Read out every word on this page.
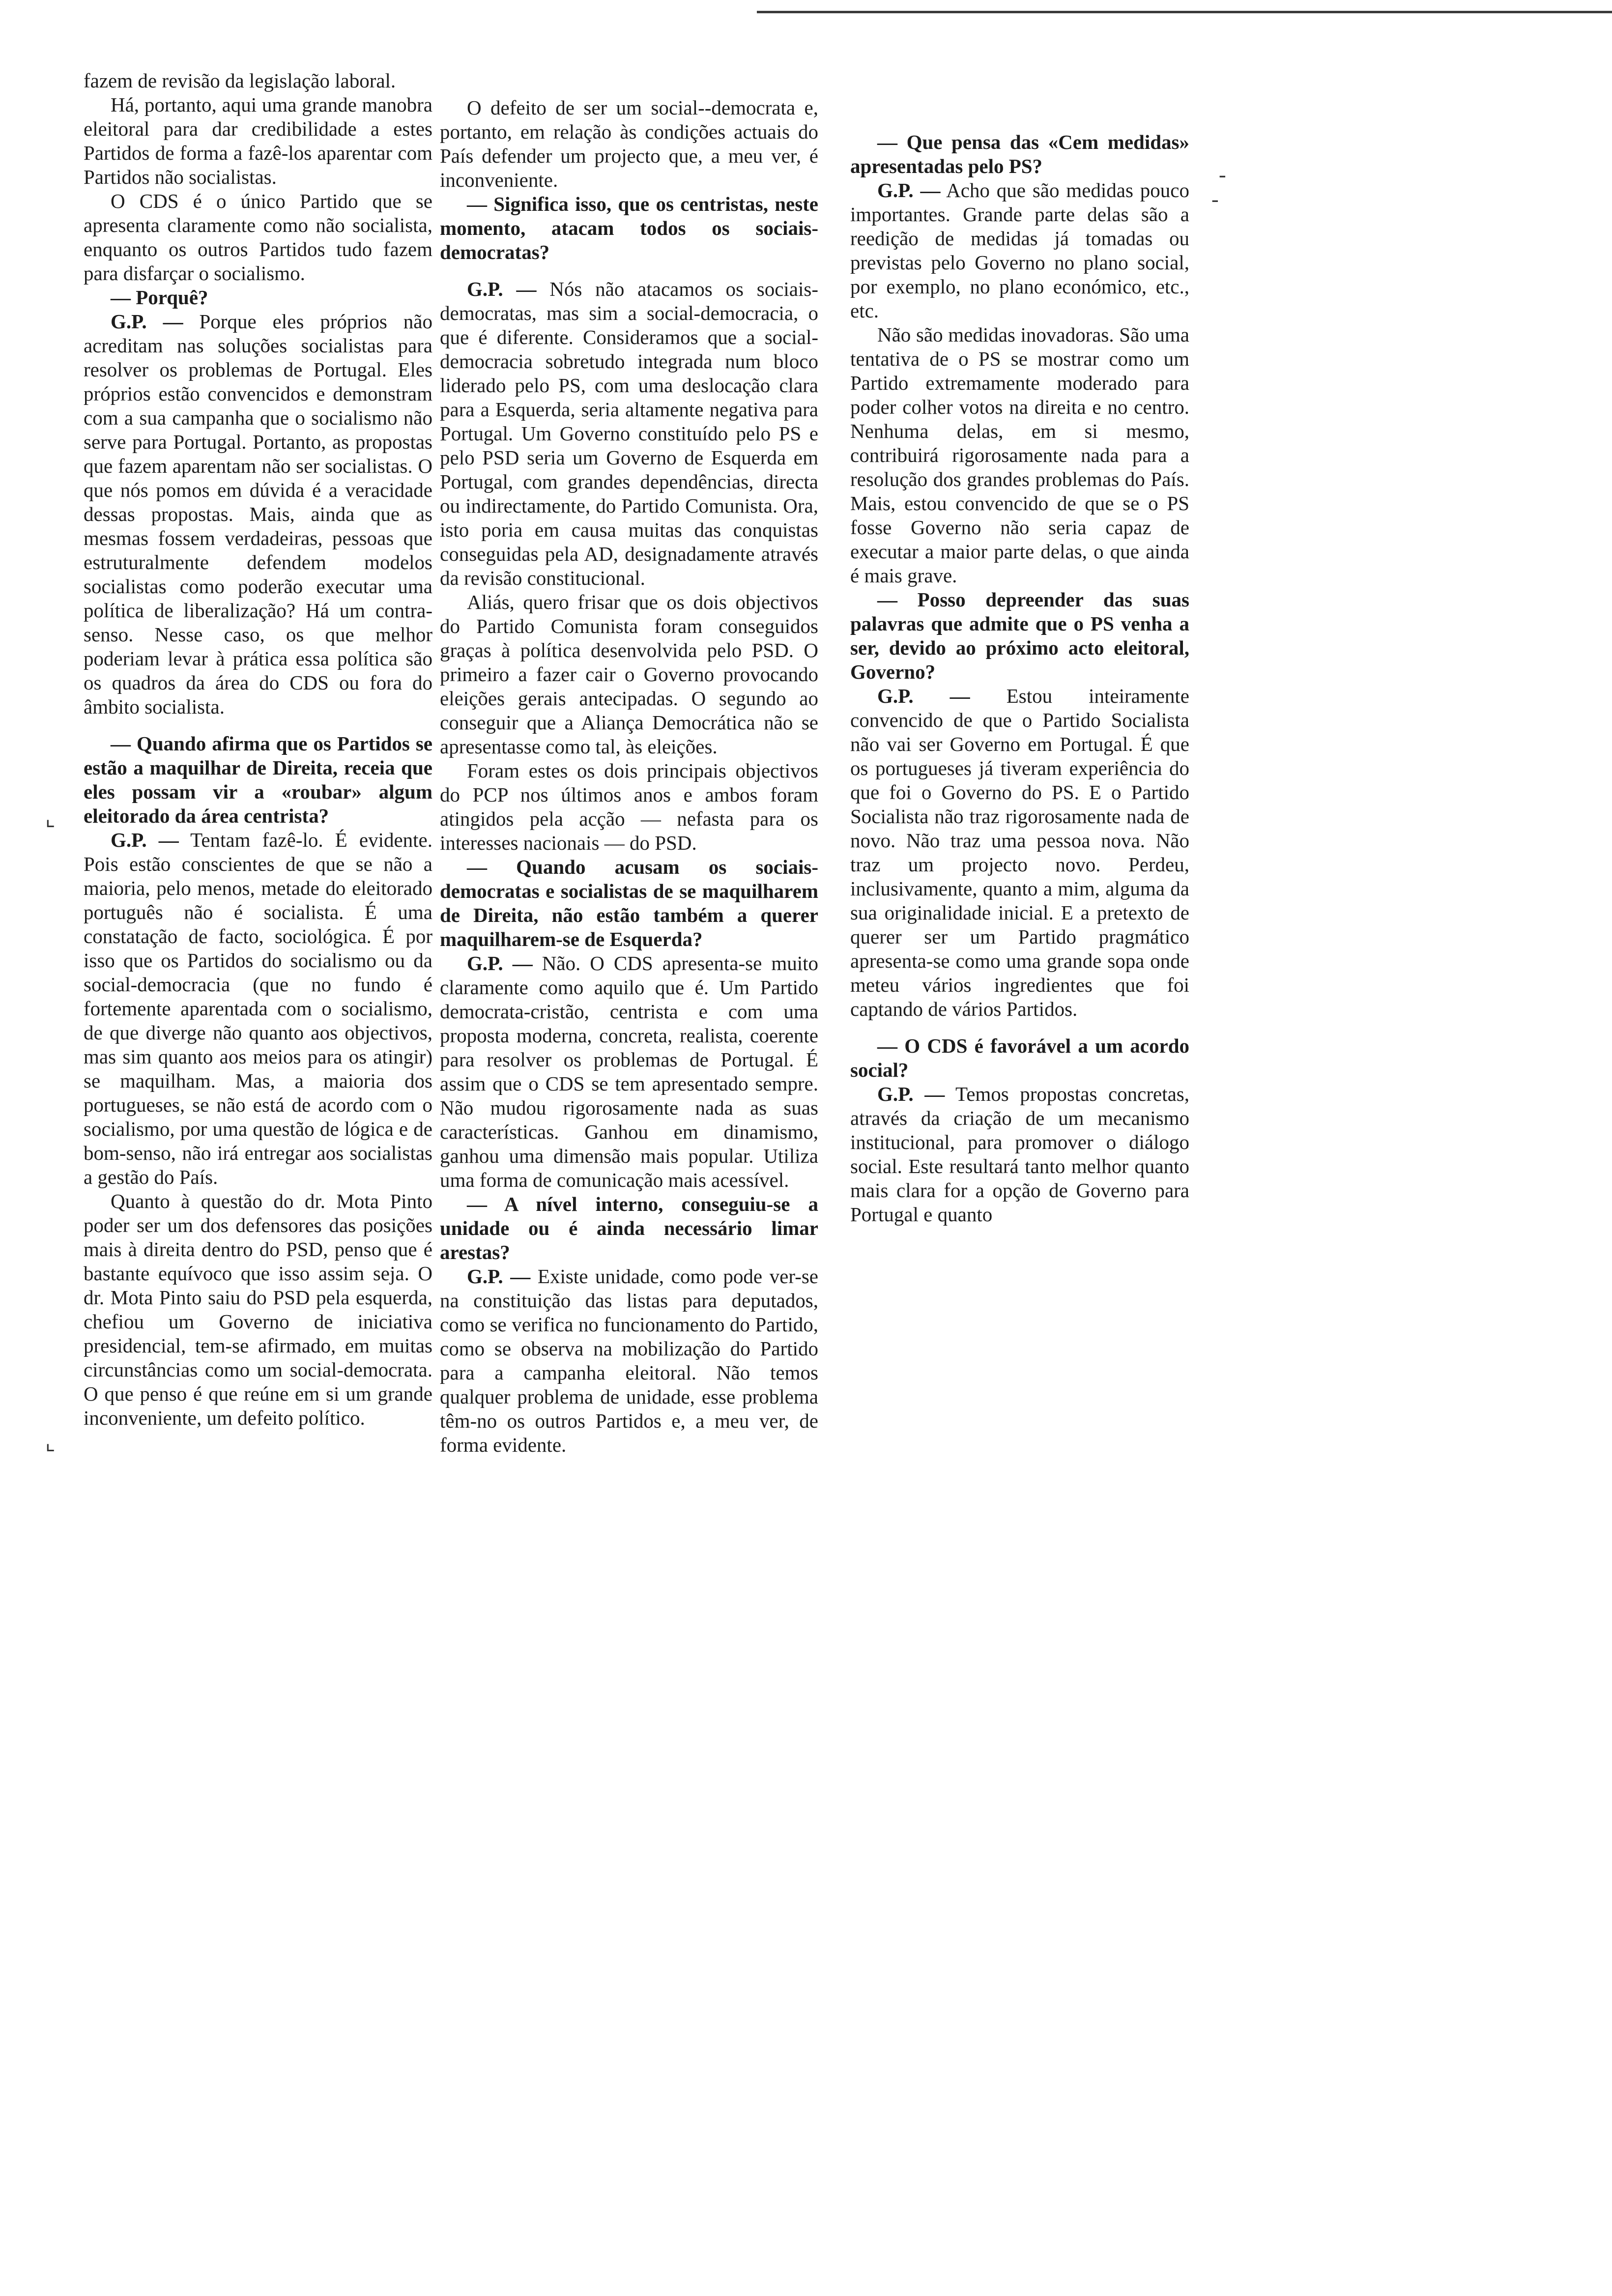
fazem de revisão da legislação laboral.

Há, portanto, aqui uma grande manobra eleitoral para dar credibilidade a estes Partidos de forma a fazê-los aparentar com Partidos não socialistas.

O CDS é o único Partido que se apresenta claramente como não socialista, enquanto os outros Partidos tudo fazem para disfarçar o socialismo.

— Porquê?

G.P. — Porque eles próprios não acreditam nas soluções socialistas para resolver os problemas de Portugal. Eles próprios estão convencidos e demonstram com a sua campanha que o socialismo não serve para Portugal. Portanto, as propostas que fazem aparentam não ser socialistas. O que nós pomos em dúvida é a veracidade dessas propostas. Mais, ainda que as mesmas fossem verdadeiras, pessoas que estruturalmente defendem modelos socialistas como poderão executar uma política de liberalização? Há um contra-senso. Nesse caso, os que melhor poderiam levar à prática essa política são os quadros da área do CDS ou fora do âmbito socialista.

— Quando afirma que os Partidos se estão a maquilhar de Direita, receia que eles possam vir a «roubar» algum eleitorado da área centrista?

G.P. — Tentam fazê-lo. É evidente. Pois estão conscientes de que se não a maioria, pelo menos, metade do eleitorado português não é socialista. É uma constatação de facto, sociológica. É por isso que os Partidos do socialismo ou da social-democracia (que no fundo é fortemente aparentada com o socialismo, de que diverge não quanto aos objectivos, mas sim quanto aos meios para os atingir) se maquilham. Mas, a maioria dos portugueses, se não está de acordo com o socialismo, por uma questão de lógica e de bom-senso, não irá entregar aos socialistas a gestão do País.

Quanto à questão do dr. Mota Pinto poder ser um dos defensores das posições mais à direita dentro do PSD, penso que é bastante equívoco que isso assim seja. O dr. Mota Pinto saiu do PSD pela esquerda, chefiou um Governo de iniciativa presidencial, tem-se afirmado, em muitas circunstâncias como um social-democrata. O que penso é que reúne em si um grande inconveniente, um defeito político.

O defeito de ser um social--democrata e, portanto, em relação às condições actuais do País defender um projecto que, a meu ver, é inconveniente.

— Significa isso, que os centristas, neste momento, atacam todos os sociais-democratas?

G.P. — Nós não atacamos os sociais-democratas, mas sim a social-democracia, o que é diferente. Consideramos que a social-democracia sobretudo integrada num bloco liderado pelo PS, com uma deslocação clara para a Esquerda, seria altamente negativa para Portugal. Um Governo constituído pelo PS e pelo PSD seria um Governo de Esquerda em Portugal, com grandes dependências, directa ou indirectamente, do Partido Comunista. Ora, isto poria em causa muitas das conquistas conseguidas pela AD, designadamente através da revisão constitucional.

Aliás, quero frisar que os dois objectivos do Partido Comunista foram conseguidos graças à política desenvolvida pelo PSD. O primeiro a fazer cair o Governo provocando eleições gerais antecipadas. O segundo ao conseguir que a Aliança Democrática não se apresentasse como tal, às eleições.

Foram estes os dois principais objectivos do PCP nos últimos anos e ambos foram atingidos pela acção — nefasta para os interesses nacionais — do PSD.

— Quando acusam os sociais-democratas e socialistas de se maquilharem de Direita, não estão também a querer maquilharem-se de Esquerda?

G.P. — Não. O CDS apresenta-se muito claramente como aquilo que é. Um Partido democrata-cristão, centrista e com uma proposta moderna, concreta, realista, coerente para resolver os problemas de Portugal. É assim que o CDS se tem apresentado sempre. Não mudou rigorosamente nada as suas características. Ganhou em dinamismo, ganhou uma dimensão mais popular. Utiliza uma forma de comunicação mais acessível.

— A nível interno, conseguiu-se a unidade ou é ainda necessário limar arestas?

G.P. — Existe unidade, como pode ver-se na constituição das listas para deputados, como se verifica no funcionamento do Partido, como se observa na mobilização do Partido para a campanha eleitoral. Não temos qualquer problema de unidade, esse problema têm-no os outros Partidos e, a meu ver, de forma evidente.

— Que pensa das «Cem medidas» apresentadas pelo PS?

G.P. — Acho que são medidas pouco importantes. Grande parte delas são a reedição de medidas já tomadas ou previstas pelo Governo no plano social, por exemplo, no plano económico, etc., etc.

Não são medidas inovadoras. São uma tentativa de o PS se mostrar como um Partido extremamente moderado para poder colher votos na direita e no centro. Nenhuma delas, em si mesmo, contribuirá rigorosamente nada para a resolução dos grandes problemas do País. Mais, estou convencido de que se o PS fosse Governo não seria capaz de executar a maior parte delas, o que ainda é mais grave.

— Posso depreender das suas palavras que admite que o PS venha a ser, devido ao próximo acto eleitoral, Governo?

G.P. — Estou inteiramente convencido de que o Partido Socialista não vai ser Governo em Portugal. É que os portugueses já tiveram experiência do que foi o Governo do PS. E o Partido Socialista não traz rigorosamente nada de novo. Não traz uma pessoa nova. Não traz um projecto novo. Perdeu, inclusivamente, quanto a mim, alguma da sua originalidade inicial. E a pretexto de querer ser um Partido pragmático apresenta-se como uma grande sopa onde meteu vários ingredientes que foi captando de vários Partidos.

— O CDS é favorável a um acordo social?

G.P. — Temos propostas concretas, através da criação de um mecanismo institucional, para promover o diálogo social. Este resultará tanto melhor quanto mais clara for a opção de Governo para Portugal e quanto

⌞
⌞
-
-
